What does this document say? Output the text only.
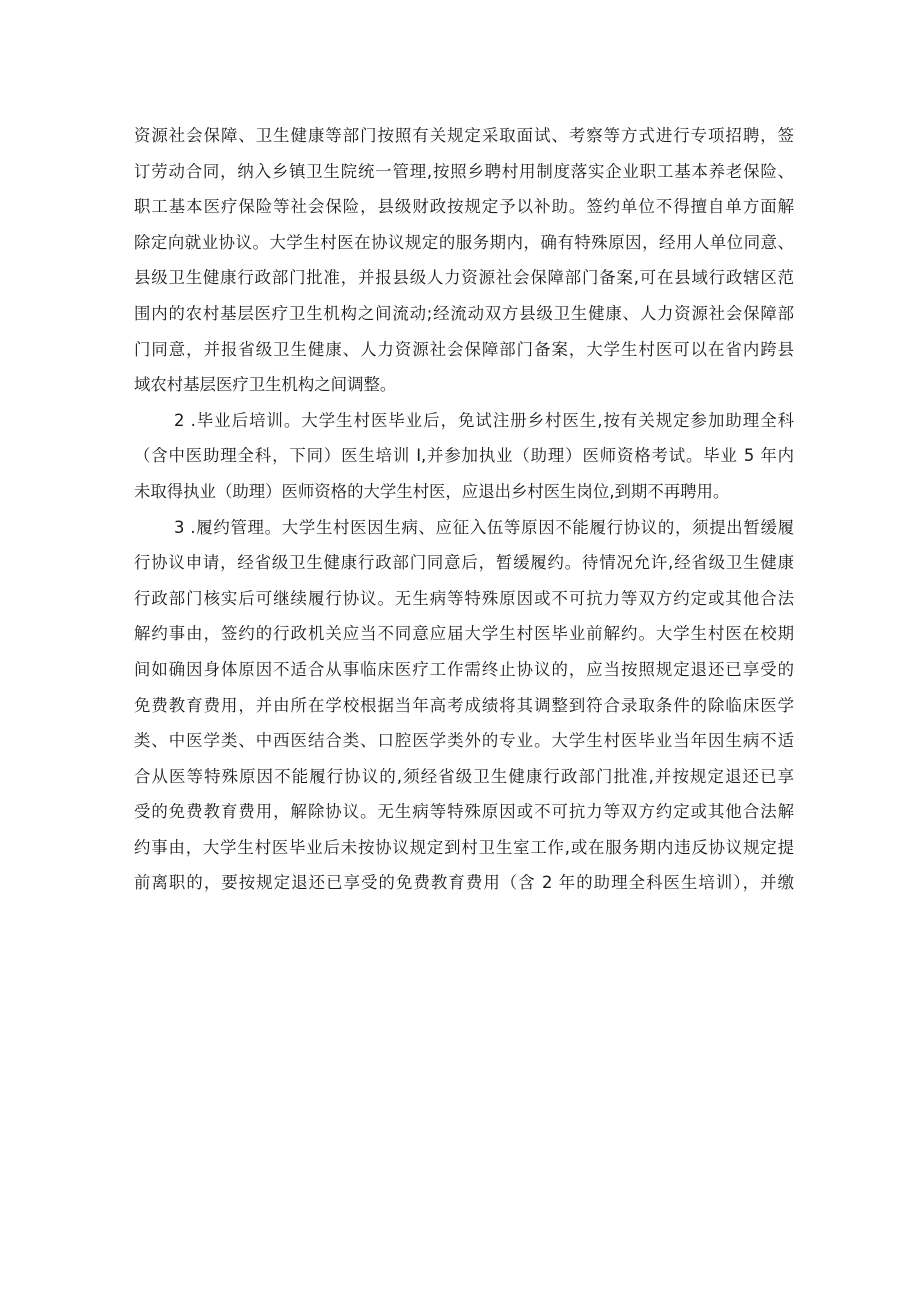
资源社会保障、卫生健康等部门按照有关规定采取面试、考察等方式进行专项招聘，签
订劳动合同，纳入乡镇卫生院统一管理,按照乡聘村用制度落实企业职工基本养老保险、
职工基本医疗保险等社会保险，县级财政按规定予以补助。签约单位不得擅自单方面解
除定向就业协议。大学生村医在协议规定的服务期内，确有特殊原因，经用人单位同意、
县级卫生健康行政部门批准，并报县级人力资源社会保障部门备案,可在县域行政辖区范
围内的农村基层医疗卫生机构之间流动;经流动双方县级卫生健康、人力资源社会保障部
门同意，并报省级卫生健康、人力资源社会保障部门备案，大学生村医可以在省内跨县
域农村基层医疗卫生机构之间调整。
2 .毕业后培训。大学生村医毕业后，免试注册乡村医生,按有关规定参加助理全科
（含中医助理全科，下同）医生培训 I,并参加执业（助理）医师资格考试。毕业 5 年内
未取得执业（助理）医师资格的大学生村医，应退出乡村医生岗位,到期不再聘用。
3 .履约管理。大学生村医因生病、应征入伍等原因不能履行协议的，须提出暂缓履
行协议申请，经省级卫生健康行政部门同意后，暂缓履约。待情况允许,经省级卫生健康
行政部门核实后可继续履行协议。无生病等特殊原因或不可抗力等双方约定或其他合法
解约事由，签约的行政机关应当不同意应届大学生村医毕业前解约。大学生村医在校期
间如确因身体原因不适合从事临床医疗工作需终止协议的，应当按照规定退还已享受的
免费教育费用，并由所在学校根据当年高考成绩将其调整到符合录取条件的除临床医学
类、中医学类、中西医结合类、口腔医学类外的专业。大学生村医毕业当年因生病不适
合从医等特殊原因不能履行协议的,须经省级卫生健康行政部门批准,并按规定退还已享
受的免费教育费用，解除协议。无生病等特殊原因或不可抗力等双方约定或其他合法解
约事由，大学生村医毕业后未按协议规定到村卫生室工作,或在服务期内违反协议规定提
前离职的，要按规定退还已享受的免费教育费用（含 2 年的助理全科医生培训），并缴
